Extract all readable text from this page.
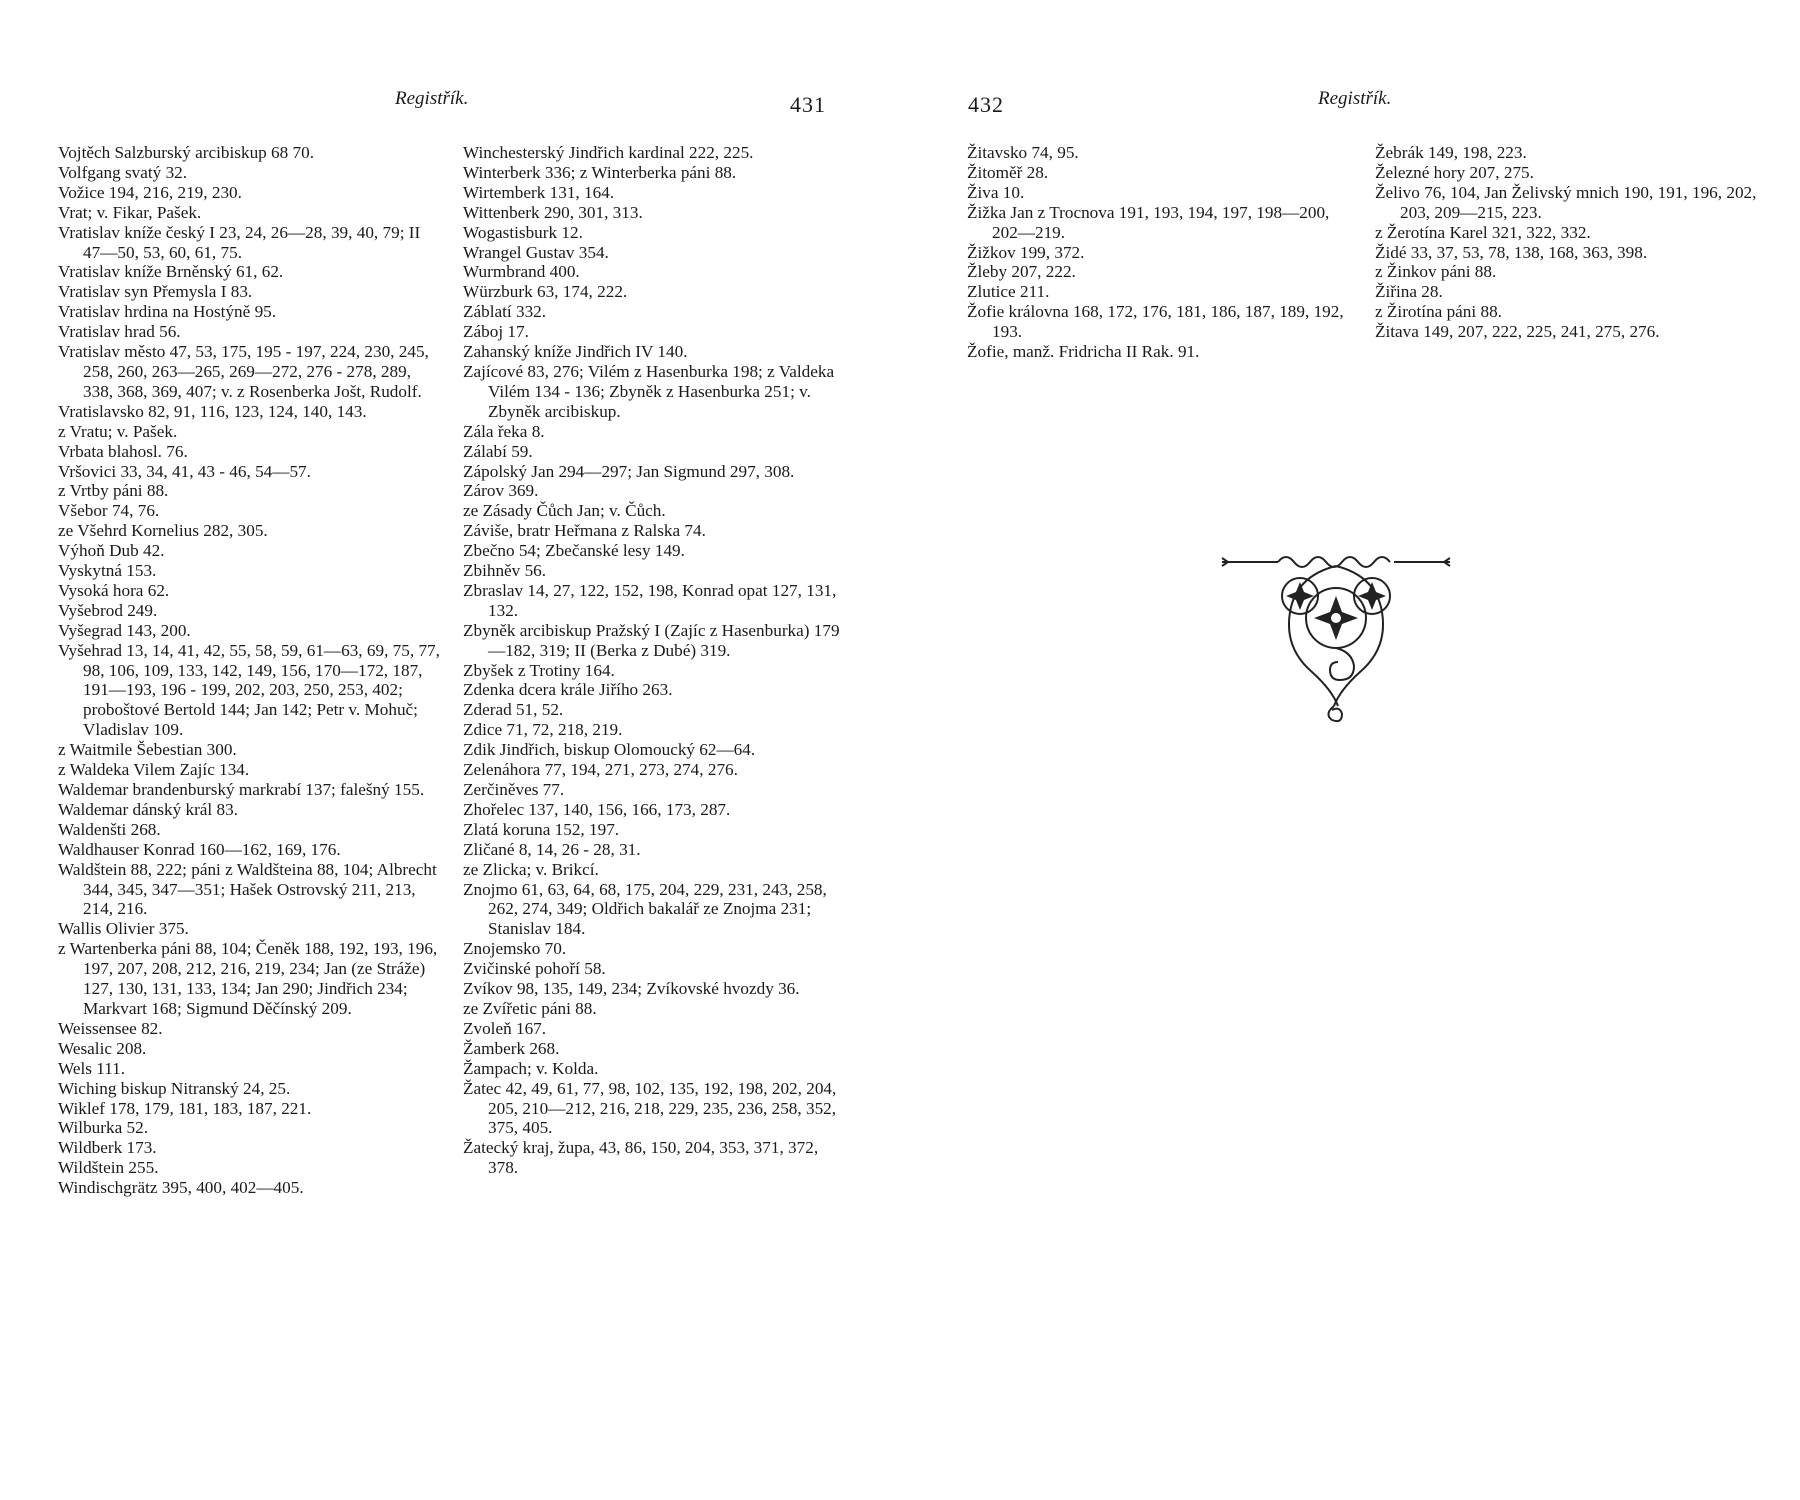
Registřík.	431

Vojtěch Salzburský arcibiskup 68 70.

Volfgang svatý 32.

Vožice 194, 216, 219, 230.

Vrat; v. Fikar, Pašek.

Vratislav kníže český I 23, 24, 26—28, 39, 40, 79; II 47—50, 53, 60, 61, 75.

Vratislav kníže Brněnský 61, 62.

Vratislav syn Přemysla I 83.

Vratislav hrdina na Hostýně 95.

Vratislav hrad 56.

Vratislav město 47, 53, 175, 195 - 197, 224, 230, 245, 258, 260, 263—265, 269—272, 276 - 278, 289, 338, 368, 369, 407; v. z Rosenberka Jošt, Rudolf.

Vratislavsko 82, 91, 116, 123, 124, 140, 143.

z Vratu; v. Pašek.

Vrbata blahosl. 76.

Vršovici 33, 34, 41, 43 - 46, 54—57.

z Vrtby páni 88.

Všebor 74, 76.

ze Všehrd Kornelius 282, 305.

Výhoň Dub 42.

Vyskytná 153.

Vysoká hora 62.

Vyšebrod 249.

Vyšegrad 143, 200.

Vyšehrad 13, 14, 41, 42, 55, 58, 59, 61—63, 69, 75, 77, 98, 106, 109, 133, 142, 149, 156, 170—172, 187, 191—193, 196 - 199, 202, 203, 250, 253, 402; proboštové Bertold 144; Jan 142; Petr v. Mohuč; Vladislav 109.

z Waitmile Šebestian 300.

z Waldeka Vilem Zajíc 134.

Waldemar brandenburský markrabí 137; falešný 155.

Waldemar dánský král 83.

Waldenšti 268.

Waldhauser Konrad 160—162, 169, 176.

Waldštein 88, 222; páni z Waldšteina 88, 104; Albrecht 344, 345, 347—351; Hašek Ostrovský 211, 213, 214, 216.

Wallis Olivier 375.

z Wartenberka páni 88, 104; Čeněk 188, 192, 193, 196, 197, 207, 208, 212, 216, 219, 234; Jan (ze Stráže) 127, 130, 131, 133, 134; Jan 290; Jindřich 234; Markvart 168; Sigmund Děčínský 209.

Weissensee 82.

Wesalic 208.

Wels 111.

Wiching biskup Nitranský 24, 25.

Wiklef 178, 179, 181, 183, 187, 221.

Wilburka 52.

Wildberk 173.

Wildštein 255.

Windischgrätz 395, 400, 402—405.

Winchesterský Jindřich kardinal 222, 225.

Winterberk 336; z Winterberka páni 88.

Wirtemberk 131, 164.

Wittenberk 290, 301, 313.

Wogastisburk 12.

Wrangel Gustav 354.

Wurmbrand 400.

Würzburk 63, 174, 222.

Záblatí 332.

Záboj 17.

Zahanský kníže Jindřich IV 140.

Zajícové 83, 276; Vilém z Hasenburka 198; z Valdeka Vilém 134 - 136; Zbyněk z Hasenburka 251; v. Zbyněk arcibiskup.

Zála řeka 8.

Zálabí 59.

Zápolský Jan 294—297; Jan Sigmund 297, 308.

Zárov 369.

ze Zásady Čůch Jan; v. Čůch.

Záviše, bratr Heřmana z Ralska 74.

Zbečno 54; Zbečanské lesy 149.

Zbihněv 56.

Zbraslav 14, 27, 122, 152, 198, Konrad opat 127, 131, 132.

Zbyněk arcibiskup Pražský I (Zajíc z Hasenburka) 179—182, 319; II (Berka z Dubé) 319.

Zbyšek z Trotiny 164.

Zdenka dcera krále Jiřího 263.

Zderad 51, 52.

Zdice 71, 72, 218, 219.

Zdik Jindřich, biskup Olomoucký 62—64.

Zelenáhora 77, 194, 271, 273, 274, 276.

Zerčiněves 77.

Zhořelec 137, 140, 156, 166, 173, 287.

Zlatá koruna 152, 197.

Zličané 8, 14, 26 - 28, 31.

ze Zlicka; v. Brikcí.

Znojmo 61, 63, 64, 68, 175, 204, 229, 231, 243, 258, 262, 274, 349; Oldřich bakalář ze Znojma 231; Stanislav 184.

Znojemsko 70.

Zvičinské pohoří 58.

Zvíkov 98, 135, 149, 234; Zvíkovské hvozdy 36.

ze Zvířetic páni 88.

Zvoleň 167.

Žamberk 268.

Žampach; v. Kolda.

Žatec 42, 49, 61, 77, 98, 102, 135, 192, 198, 202, 204, 205, 210—212, 216, 218, 229, 235, 236, 258, 352, 375, 405.

Žatecký kraj, župa, 43, 86, 150, 204, 353, 371, 372, 378.

432	Registřík.

Žitavsko 74, 95.

Žitoměř 28.

Živa 10.

Žižka Jan z Trocnova 191, 193, 194, 197, 198—200, 202—219.

Žižkov 199, 372.

Žleby 207, 222.

Zlutice 211.

Žofie královna 168, 172, 176, 181, 186, 187, 189, 192, 193.

Žofie, manž. Fridricha II Rak. 91.

Žebrák 149, 198, 223.

Železné hory 207, 275.

Želivo 76, 104, Jan Želivský mnich 190, 191, 196, 202, 203, 209—215, 223.

z Žerotína Karel 321, 322, 332.

Židé 33, 37, 53, 78, 138, 168, 363, 398.

z Žinkov páni 88.

Žiřina 28.

z Žirotína páni 88.

Žitava 149, 207, 222, 225, 241, 275, 276.
